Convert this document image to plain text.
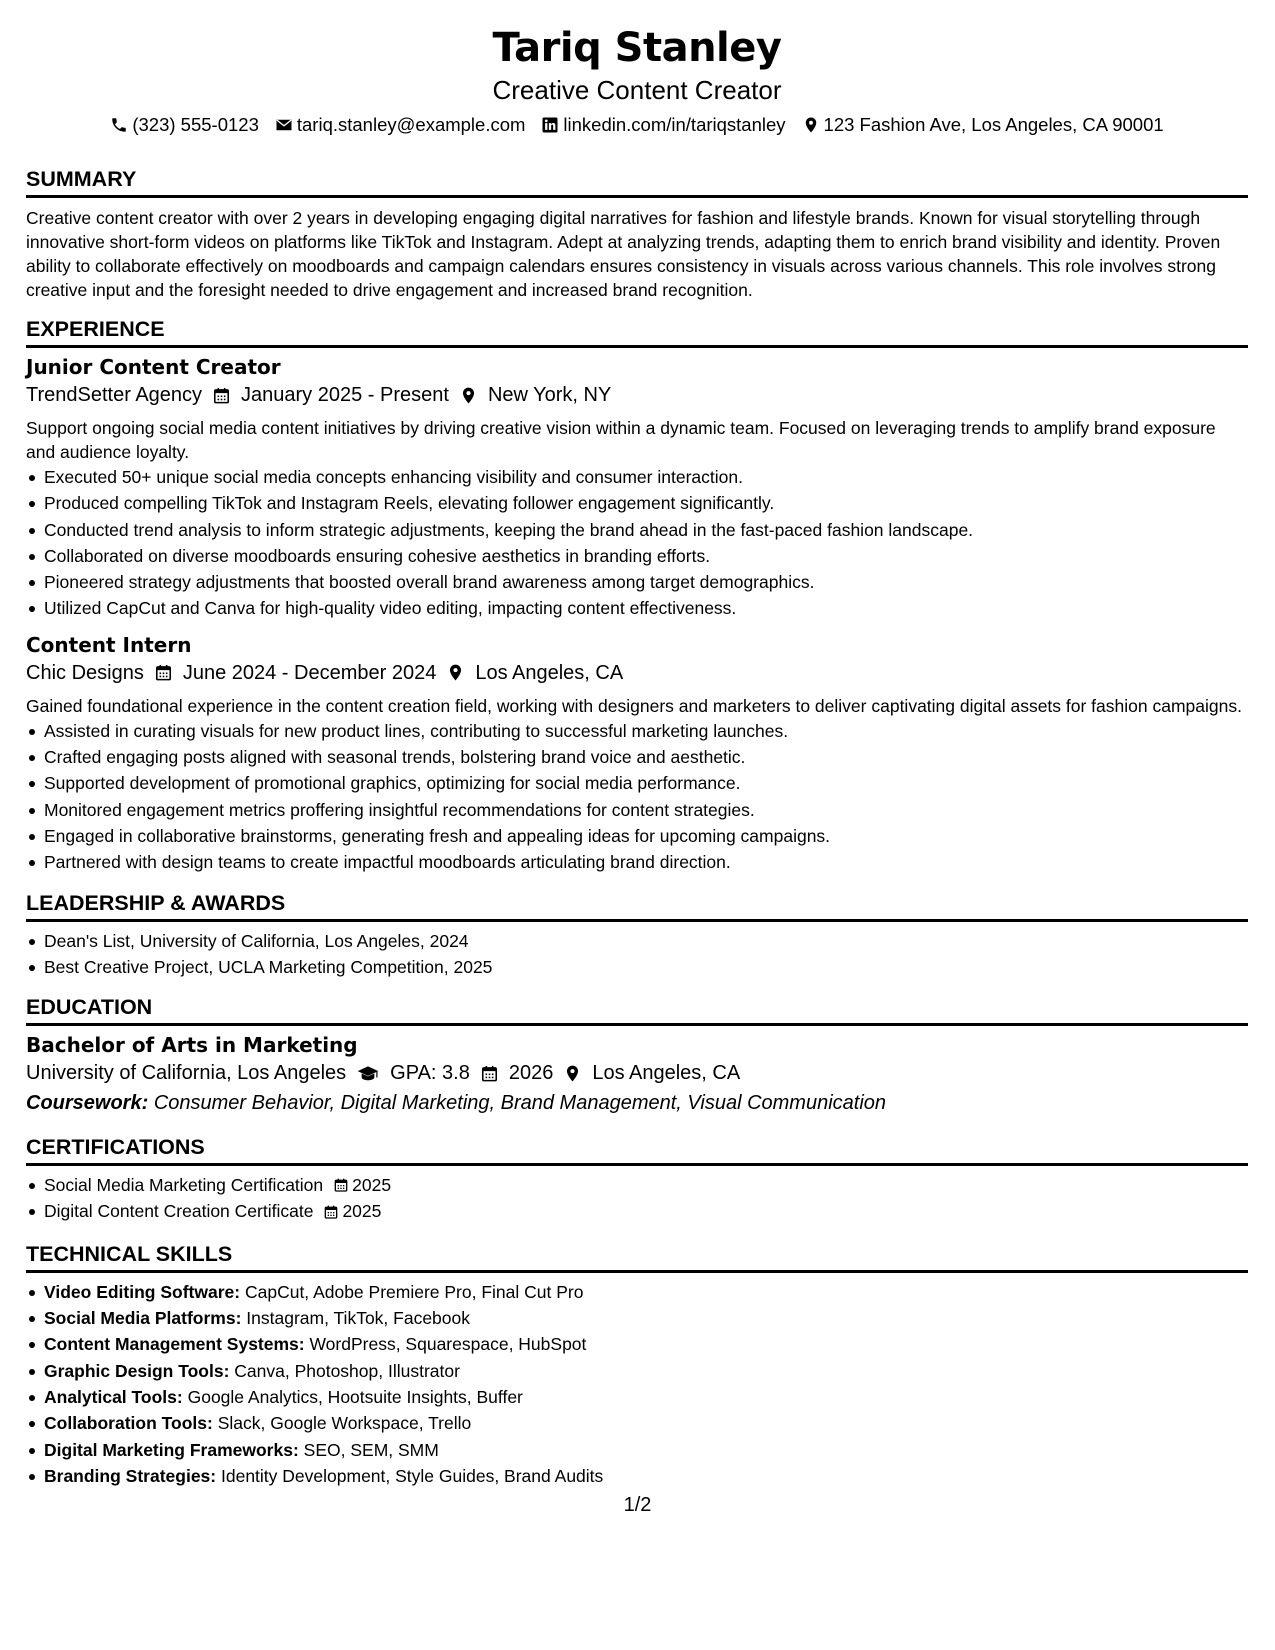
Tariq Stanley
Creative Content Creator
(323) 555-0123 tariq.stanley@example.com linkedin.com/in/tariqstanley 123 Fashion Ave, Los Angeles, CA 90001
SUMMARY

Creative content creator with over 2 years in developing engaging digital narratives for fashion and lifestyle brands. Known for visual storytelling through innovative short-form videos on platforms like TikTok and Instagram. Adept at analyzing trends, adapting them to enrich brand visibility and identity. Proven ability to collaborate effectively on moodboards and campaign calendars ensures consistency in visuals across various channels. This role involves strong creative input and the foresight needed to drive engagement and increased brand recognition.

EXPERIENCE
Junior Content Creator
TrendSetter Agency January 2025 - Present New York, NY

Support ongoing social media content initiatives by driving creative vision within a dynamic team. Focused on leveraging trends to amplify brand exposure and audience loyalty.

Executed 50+ unique social media concepts enhancing visibility and consumer interaction.
Produced compelling TikTok and Instagram Reels, elevating follower engagement significantly.
Conducted trend analysis to inform strategic adjustments, keeping the brand ahead in the fast-paced fashion landscape.
Collaborated on diverse moodboards ensuring cohesive aesthetics in branding efforts.
Pioneered strategy adjustments that boosted overall brand awareness among target demographics.
Utilized CapCut and Canva for high-quality video editing, impacting content effectiveness.
Content Intern
Chic Designs June 2024 - December 2024 Los Angeles, CA

Gained foundational experience in the content creation field, working with designers and marketers to deliver captivating digital assets for fashion campaigns.

Assisted in curating visuals for new product lines, contributing to successful marketing launches.
Crafted engaging posts aligned with seasonal trends, bolstering brand voice and aesthetic.
Supported development of promotional graphics, optimizing for social media performance.
Monitored engagement metrics proffering insightful recommendations for content strategies.
Engaged in collaborative brainstorms, generating fresh and appealing ideas for upcoming campaigns.
Partnered with design teams to create impactful moodboards articulating brand direction.
LEADERSHIP & AWARDS
Dean's List, University of California, Los Angeles, 2024
Best Creative Project, UCLA Marketing Competition, 2025
EDUCATION
Bachelor of Arts in Marketing
University of California, Los Angeles GPA: 3.8 2026 Los Angeles, CA
Coursework: Consumer Behavior, Digital Marketing, Brand Management, Visual Communication
CERTIFICATIONS
Social Media Marketing Certification 2025
Digital Content Creation Certificate 2025
TECHNICAL SKILLS
Video Editing Software: CapCut, Adobe Premiere Pro, Final Cut Pro
Social Media Platforms: Instagram, TikTok, Facebook
Content Management Systems: WordPress, Squarespace, HubSpot
Graphic Design Tools: Canva, Photoshop, Illustrator
Analytical Tools: Google Analytics, Hootsuite Insights, Buffer
Collaboration Tools: Slack, Google Workspace, Trello
Digital Marketing Frameworks: SEO, SEM, SMM
Branding Strategies: Identity Development, Style Guides, Brand Audits
1/2
